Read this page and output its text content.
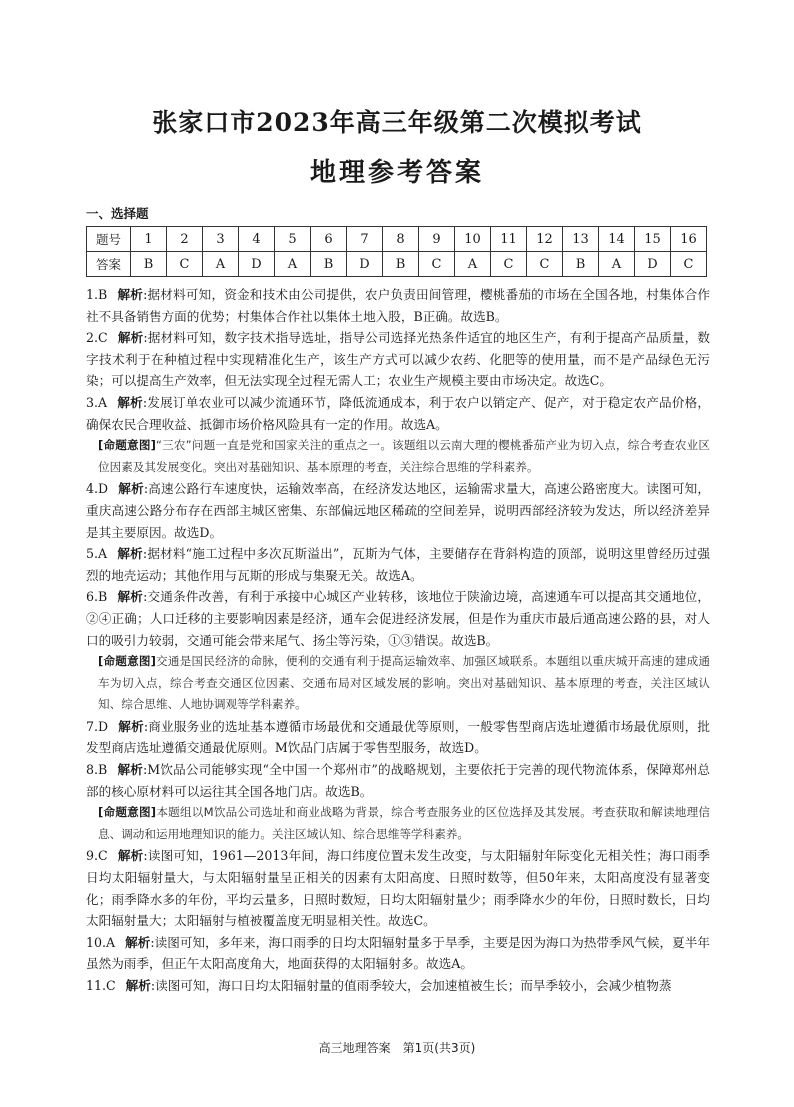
张家口市2023年高三年级第二次模拟考试
地理参考答案
一、选择题
题号	1	2	3	4	5	6	7	8	9	10	11	12	13	14	15	16
答案	B	C	A	D	A	B	D	B	C	A	C	C	B	A	D	C

1.B 解析:据材料可知，资金和技术由公司提供，农户负责田间管理，樱桃番茄的市场在全国各地，村集体合作社不具备销售方面的优势；村集体合作社以集体土地入股，B正确。故选B。

2.C 解析:据材料可知，数字技术指导选址，指导公司选择光热条件适宜的地区生产，有利于提高产品质量，数字技术利于在种植过程中实现精准化生产，该生产方式可以减少农药、化肥等的使用量，而不是产品绿色无污染；可以提高生产效率，但无法实现全过程无需人工；农业生产规模主要由市场决定。故选C。

3.A 解析:发展订单农业可以减少流通环节，降低流通成本，利于农户以销定产、促产，对于稳定农产品价格，确保农民合理收益、抵御市场价格风险具有一定的作用。故选A。

[命题意图]“三农”问题一直是党和国家关注的重点之一。该题组以云南大理的樱桃番茄产业为切入点，综合考查农业区位因素及其发展变化。突出对基础知识、基本原理的考查，关注综合思维的学科素养。

4.D 解析:高速公路行车速度快，运输效率高，在经济发达地区，运输需求量大，高速公路密度大。读图可知，重庆高速公路分布存在西部主城区密集、东部偏远地区稀疏的空间差异，说明西部经济较为发达，所以经济差异是其主要原因。故选D。

5.A 解析:据材料“施工过程中多次瓦斯溢出”，瓦斯为气体，主要储存在背斜构造的顶部，说明这里曾经历过强烈的地壳运动；其他作用与瓦斯的形成与集聚无关。故选A。

6.B 解析:交通条件改善，有利于承接中心城区产业转移，该地位于陕渝边境，高速通车可以提高其交通地位，②④正确；人口迁移的主要影响因素是经济，通车会促进经济发展，但是作为重庆市最后通高速公路的县，对人口的吸引力较弱，交通可能会带来尾气、扬尘等污染，①③错误。故选B。

[命题意图]交通是国民经济的命脉，便利的交通有利于提高运输效率、加强区域联系。本题组以重庆城开高速的建成通车为切入点，综合考查交通区位因素、交通布局对区域发展的影响。突出对基础知识、基本原理的考查，关注区域认知、综合思维、人地协调观等学科素养。

7.D 解析:商业服务业的选址基本遵循市场最优和交通最优等原则，一般零售型商店选址遵循市场最优原则，批发型商店选址遵循交通最优原则。M饮品门店属于零售型服务，故选D。

8.B 解析:M饮品公司能够实现“全中国一个郑州市”的战略规划，主要依托于完善的现代物流体系，保障郑州总部的核心原材料可以运往其全国各地门店。故选B。

[命题意图]本题组以M饮品公司选址和商业战略为背景，综合考查服务业的区位选择及其发展。考查获取和解读地理信息、调动和运用地理知识的能力。关注区域认知、综合思维等学科素养。

9.C 解析:读图可知，1961—2013年间，海口纬度位置未发生改变，与太阳辐射年际变化无相关性；海口雨季日均太阳辐射量大，与太阳辐射量呈正相关的因素有太阳高度、日照时数等，但50年来，太阳高度没有显著变化；雨季降水多的年份，平均云量多，日照时数短，日均太阳辐射量少；雨季降水少的年份，日照时数长，日均太阳辐射量大；太阳辐射与植被覆盖度无明显相关性。故选C。

10.A 解析:读图可知，多年来，海口雨季的日均太阳辐射量多于旱季，主要是因为海口为热带季风气候，夏半年虽然为雨季，但正午太阳高度角大，地面获得的太阳辐射多。故选A。

11.C 解析:读图可知，海口日均太阳辐射量的值雨季较大，会加速植被生长；而旱季较小，会减少植物蒸

高三地理答案　第1页(共3页)
